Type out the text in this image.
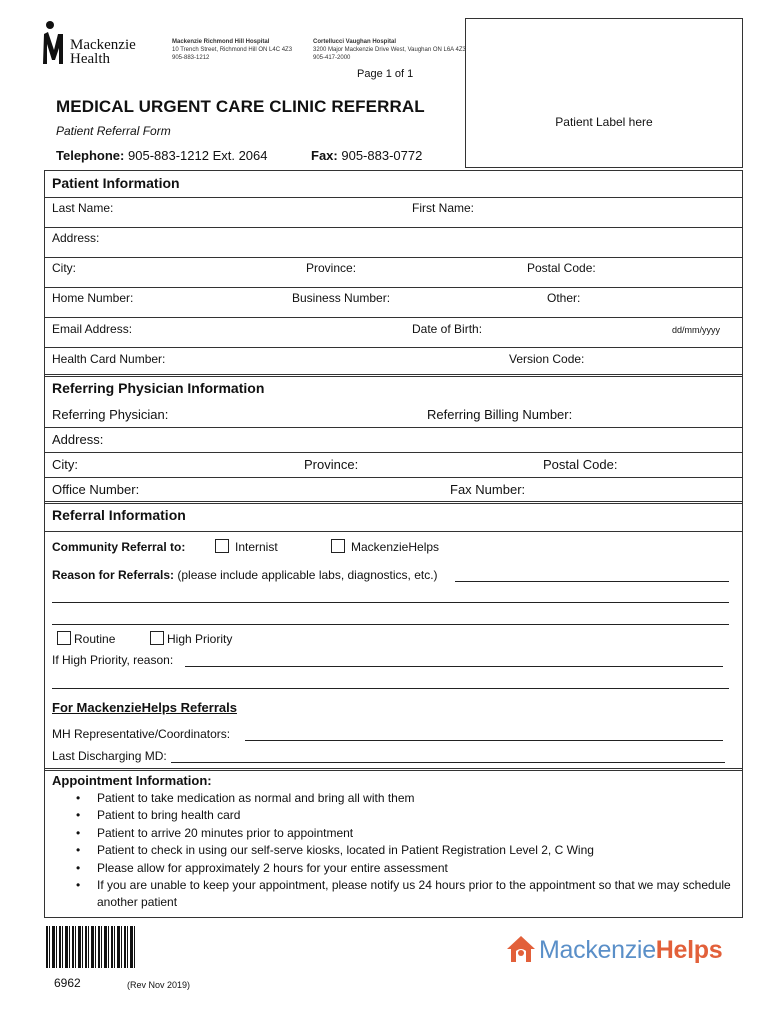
Mackenzie
Health
Mackenzie Richmond Hill Hospital
10 Trench Street, Richmond Hill ON L4C 4Z3
905-883-1212
Cortellucci Vaughan Hospital
3200 Major Mackenzie Drive West, Vaughan ON L6A 4Z3
905-417-2000
Page 1 of 1
MEDICAL URGENT CARE CLINIC REFERRAL
Patient Referral Form
Telephone: 905-883-1212 Ext. 2064	Fax: 905-883-0772
Patient Label here
Patient Information
Last Name:	First Name:
Address:
City:	Province:	Postal Code:
Home Number:	Business Number:	Other:
Email Address:	Date of Birth:	dd/mm/yyyy
Health Card Number:	Version Code:
Referring Physician Information
Referring Physician:	Referring Billing Number:
Address:
City:	Province:	Postal Code:
Office Number:	Fax Number:
Referral Information
Community Referral to:	Internist	MackenzieHelps
Reason for Referrals: (please include applicable labs, diagnostics, etc.)
Routine	High Priority
If High Priority, reason:
For MackenzieHelps Referrals
MH Representative/Coordinators:
Last Discharging MD:
Appointment Information:
• Patient to take medication as normal and bring all with them
• Patient to bring health card
• Patient to arrive 20 minutes prior to appointment
• Patient to check in using our self-serve kiosks, located in Patient Registration Level 2, C Wing
• Please allow for approximately 2 hours for your entire assessment
• If you are unable to keep your appointment, please notify us 24 hours prior to the appointment so that we may schedule another patient
6962	(Rev Nov 2019)
MackenzieHelps
